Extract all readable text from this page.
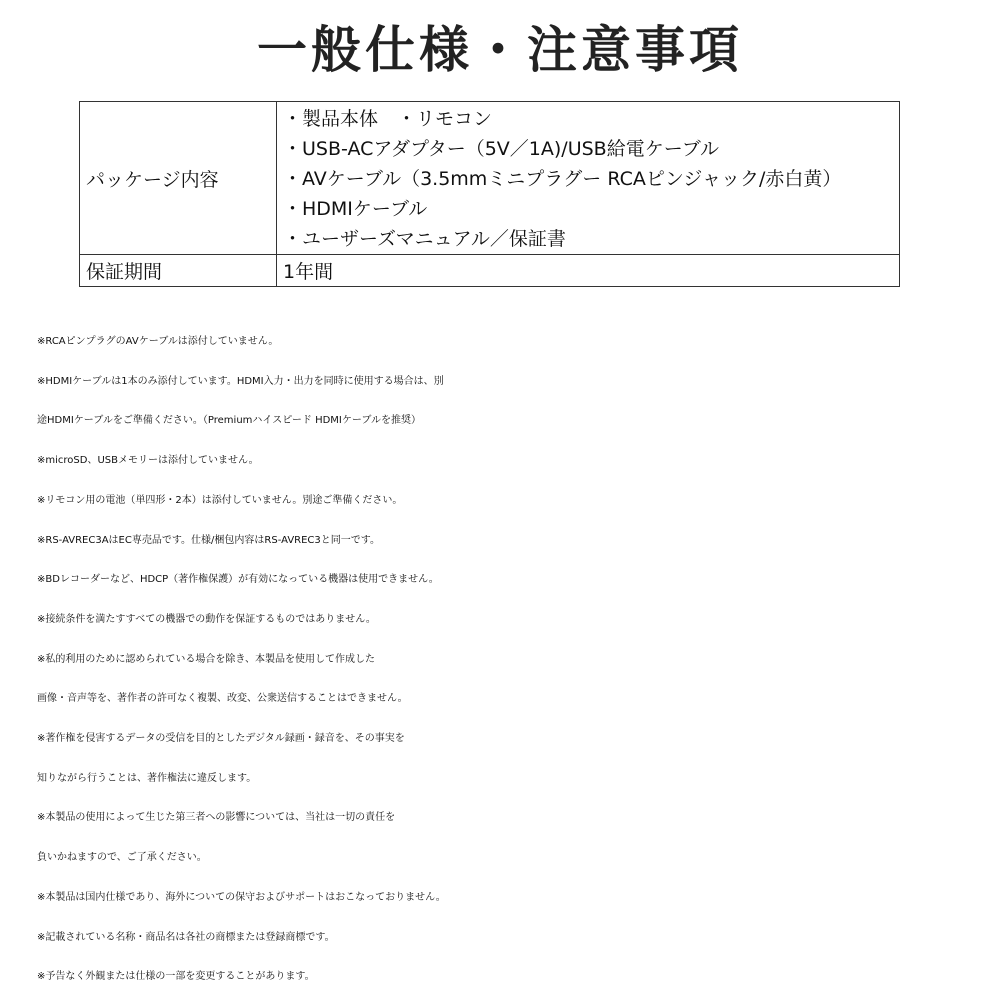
一般仕様・注意事項
パッケージ内容	・製品本体　・リモコン
・USB-ACアダプター（5V／1A)/USB給電ケーブル
・AVケーブル（3.5mmミニプラグー RCAピンジャック/赤白黄）
・HDMIケーブル
・ユーザーズマニュアル／保証書

保証期間	1年間
※RCAピンプラグのAVケーブルは添付していません。
※HDMIケーブルは1本のみ添付しています。HDMI入力・出力を同時に使用する場合は、別
途HDMIケーブルをご準備ください。（Premiumハイスピード HDMIケーブルを推奨）
※microSD、USBメモリーは添付していません。
※リモコン用の電池（単四形・2本）は添付していません。別途ご準備ください。
※RS-AVREC3AはEC専売品です。仕様/梱包内容はRS-AVREC3と同一です。
※BDレコーダーなど、HDCP（著作権保護）が有効になっている機器は使用できません。
※接続条件を満たすすべての機器での動作を保証するものではありません。
※私的利用のために認められている場合を除き、本製品を使用して作成した
画像・音声等を、著作者の許可なく複製、改変、公衆送信することはできません。
※著作権を侵害するデータの受信を目的としたデジタル録画・録音を、その事実を
知りながら行うことは、著作権法に違反します。
※本製品の使用によって生じた第三者への影響については、当社は一切の責任を
負いかねますので、ご了承ください。
※本製品は国内仕様であり、海外についての保守およびサポートはおこなっておりません。
※記載されている名称・商品名は各社の商標または登録商標です。
※予告なく外観または仕様の一部を変更することがあります。
